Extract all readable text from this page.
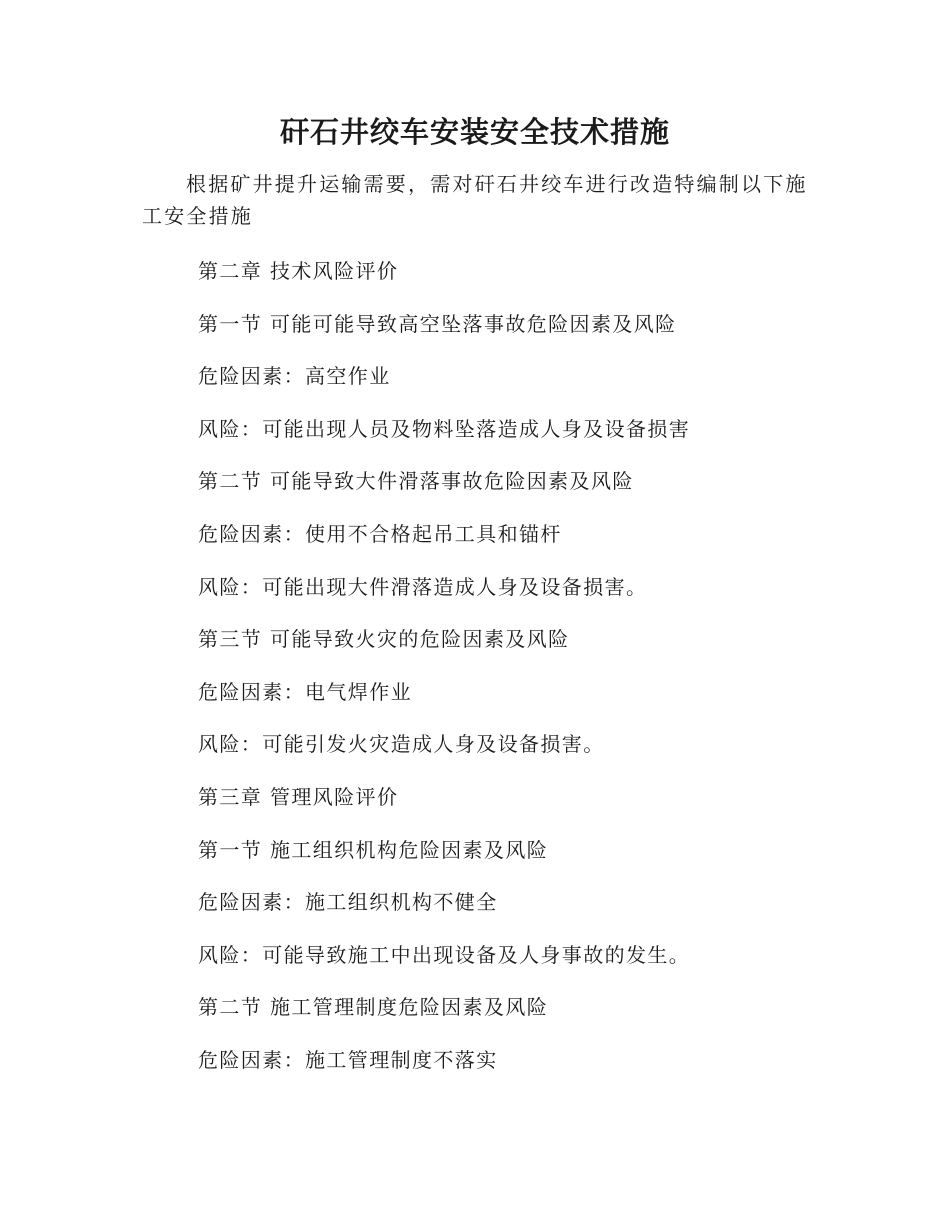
矸石井绞车安装安全技术措施

根据矿井提升运输需要，需对矸石井绞车进行改造特编制以下施工安全措施

第二章 技术风险评价
第一节 可能可能导致高空坠落事故危险因素及风险
危险因素：高空作业
风险：可能出现人员及物料坠落造成人身及设备损害
第二节 可能导致大件滑落事故危险因素及风险
危险因素：使用不合格起吊工具和锚杆
风险：可能出现大件滑落造成人身及设备损害。
第三节 可能导致火灾的危险因素及风险
危险因素：电气焊作业
风险：可能引发火灾造成人身及设备损害。
第三章 管理风险评价
第一节 施工组织机构危险因素及风险
危险因素：施工组织机构不健全
风险：可能导致施工中出现设备及人身事故的发生。
第二节 施工管理制度危险因素及风险
危险因素：施工管理制度不落实
